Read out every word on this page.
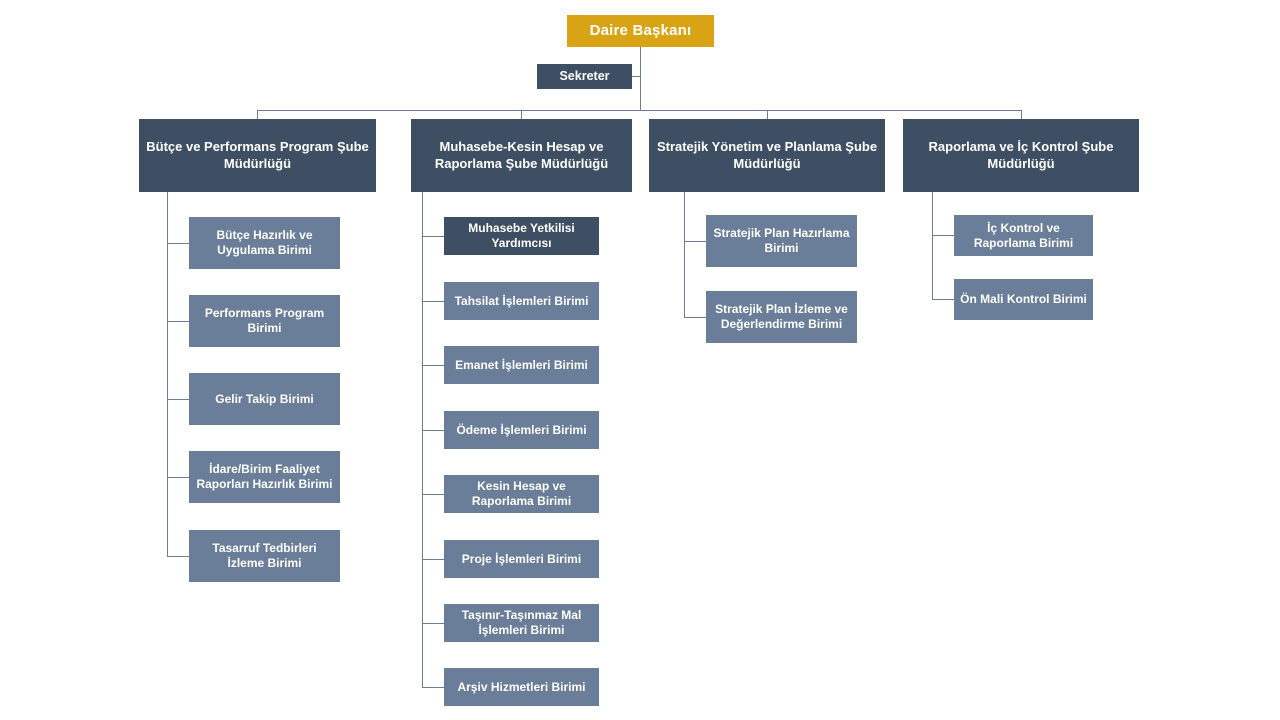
Daire Başkanı
Sekreter
Bütçe ve Performans Program Şube Müdürlüğü
Bütçe Hazırlık ve Uygulama Birimi
Performans Program Birimi
Gelir Takip Birimi
İdare/Birim Faaliyet Raporları Hazırlık Birimi
Tasarruf Tedbirleri İzleme Birimi
Muhasebe-Kesin Hesap ve Raporlama Şube Müdürlüğü
Muhasebe Yetkilisi Yardımcısı
Tahsilat İşlemleri Birimi
Emanet İşlemleri Birimi
Ödeme İşlemleri Birimi
Kesin Hesap ve Raporlama Birimi
Proje İşlemleri Birimi
Taşınır-Taşınmaz Mal İşlemleri Birimi
Arşiv Hizmetleri Birimi
Stratejik Yönetim ve Planlama Şube Müdürlüğü
Stratejik Plan Hazırlama Birimi
Stratejik Plan İzleme ve Değerlendirme Birimi
Raporlama ve İç Kontrol Şube Müdürlüğü
İç Kontrol ve Raporlama Birimi
Ön Mali Kontrol Birimi
